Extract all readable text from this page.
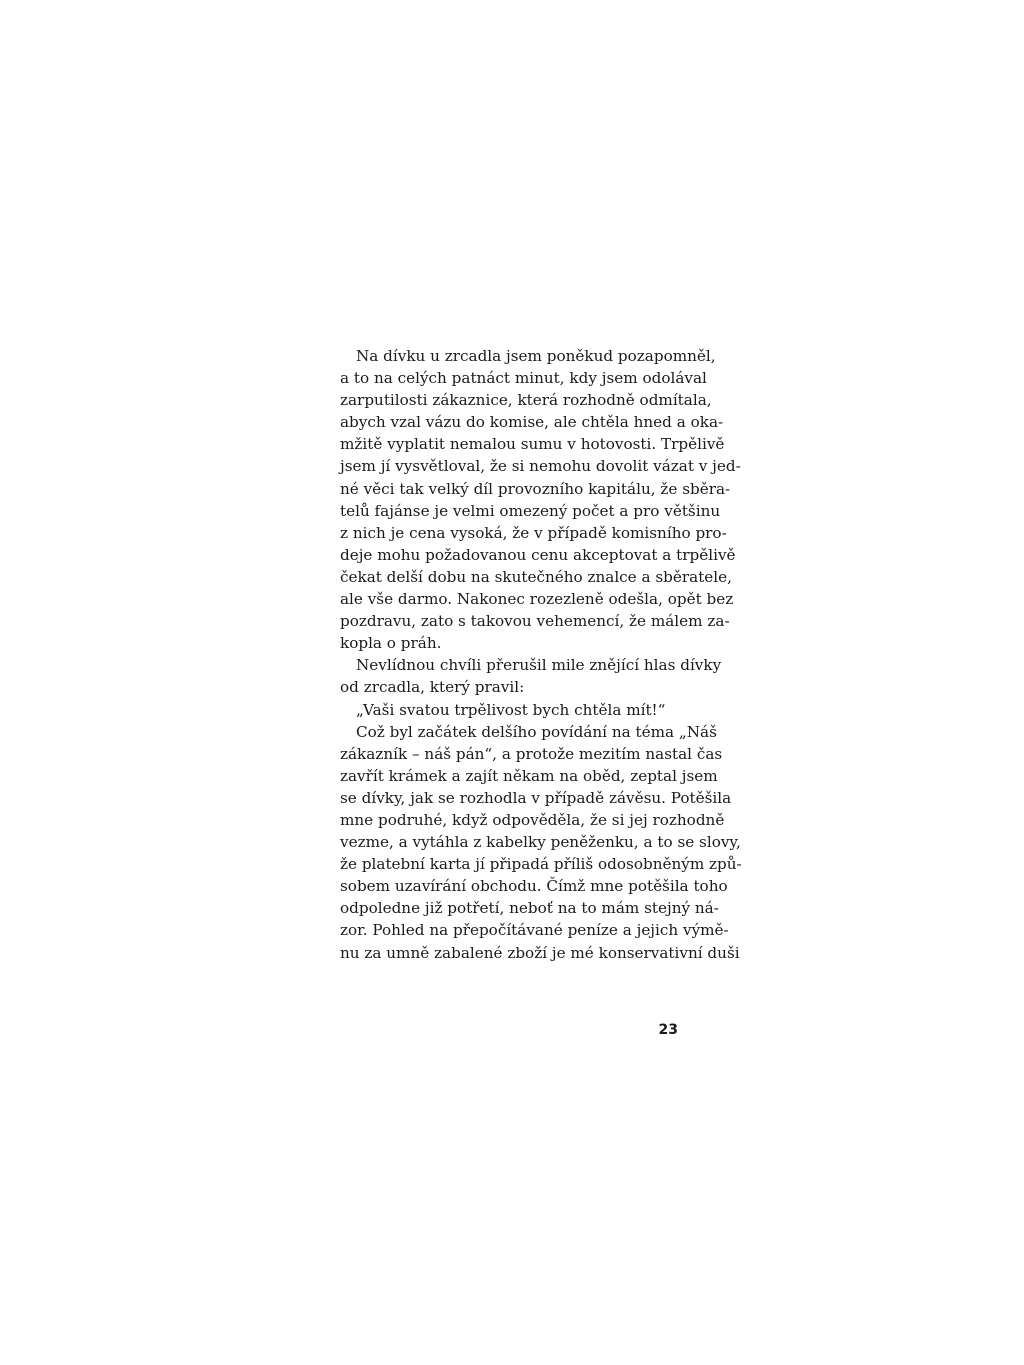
Na dívku u zrcadla jsem poněkud pozapomněl,
a to na celých patnáct minut, kdy jsem odolával
zarputilosti zákaznice, která rozhodně odmítala,
abych vzal vázu do komise, ale chtěla hned a oka-
mžitě vyplatit nemalou sumu v hotovosti. Trpělivě
jsem jí vysvětloval, že si nemohu dovolit vázat v jed-
né věci tak velký díl provozního kapitálu, že sběra-
telů fajánse je velmi omezený počet a pro většinu
z nich je cena vysoká, že v případě komisního pro-
deje mohu požadovanou cenu akceptovat a trpělivě
čekat delší dobu na skutečného znalce a sběratele,
ale vše darmo. Nakonec rozezleně odešla, opět bez
pozdravu, zato s takovou vehemencí, že málem za-
kopla o práh.
Nevlídnou chvíli přerušil mile znějící hlas dívky
od zrcadla, který pravil:
„Vaši svatou trpělivost bych chtěla mít!“
Což byl začátek delšího povídání na téma „Náš
zákazník – náš pán“, a protože mezitím nastal čas
zavřít krámek a zajít někam na oběd, zeptal jsem
se dívky, jak se rozhodla v případě závěsu. Potěšila
mne podruhé, když odpověděla, že si jej rozhodně
vezme, a vytáhla z kabelky peněženku, a to se slovy,
že platební karta jí připadá příliš odosobněným způ-
sobem uzavírání obchodu. Čímž mne potěšila toho
odpoledne již potřetí, neboť na to mám stejný ná-
zor. Pohled na přepočítávané peníze a jejich výmě-
nu za umně zabalené zboží je mé konservativní duši
23
